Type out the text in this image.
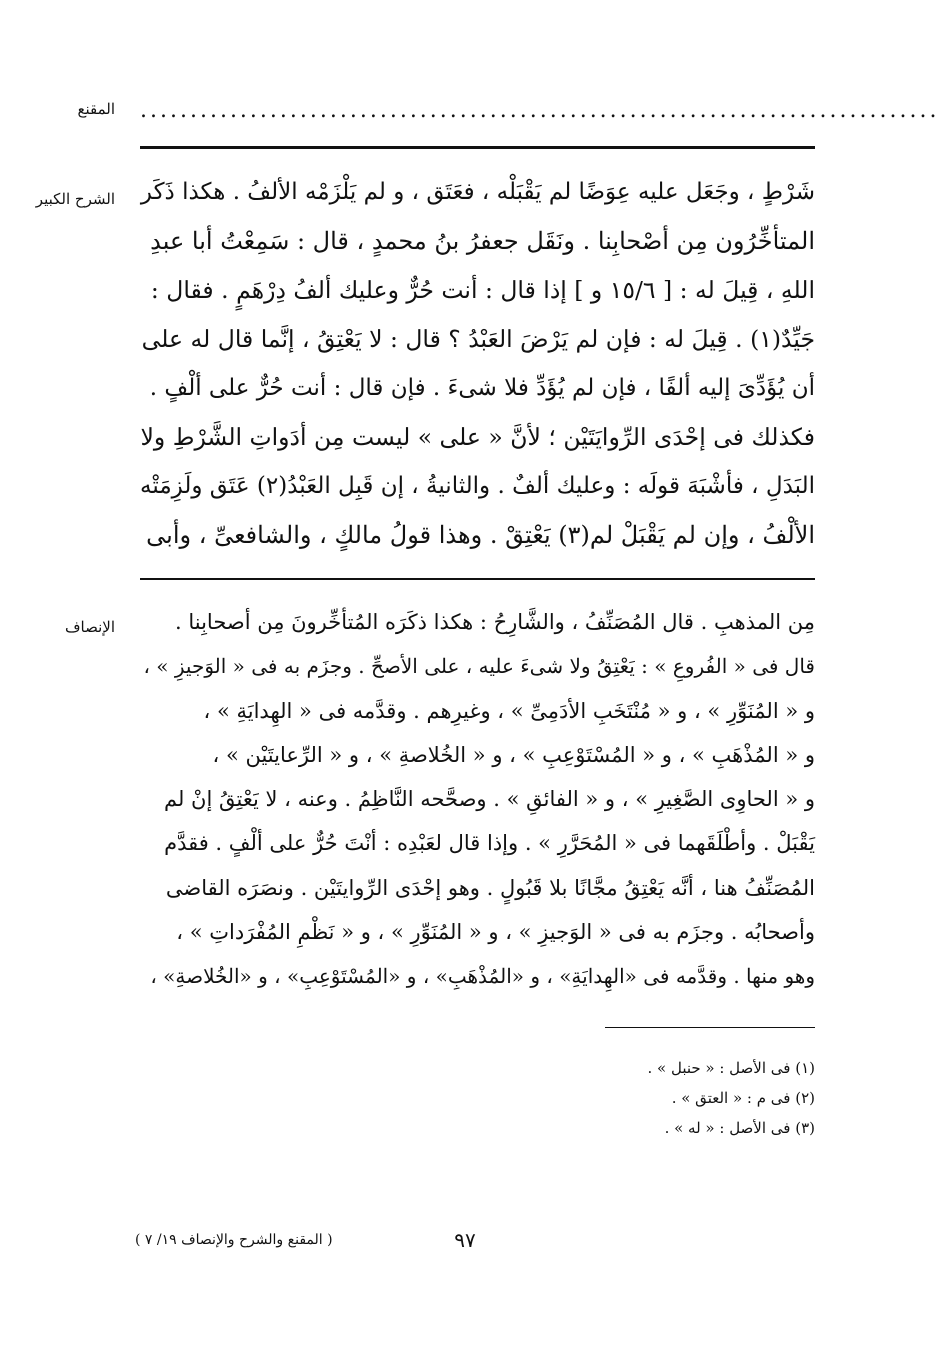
المقنع ................................................................................
الشرح الكبير شَرْطٍ ، وجَعَل عليه عِوَضًا لم يَقْبَلْه ، فعَتَق ، و لم يَلْزَمْه الألفُ . هكذا ذَكَر
المتأخِّرُون مِن أصْحابِنا . ونَقَل جعفرُ بنُ محمدٍ ، قال : سَمِعْتُ أبا عبدِ
اللهِ ، قِيلَ له : [ ١٥/٦ و ] إذا قال : أنت حُرٌّ وعليك ألفُ دِرْهَمٍ . فقال :
جَيِّدٌ(١) . قِيلَ له : فإن لم يَرْضَ العَبْدُ ؟ قال : لا يَعْتِقُ ، إنَّما قال له على
أن يُؤَدِّىَ إليه ألفًا ، فإن لم يُؤَدِّ فلا شىءَ . فإن قال : أنت حُرٌّ على ألْفٍ .
فكذلك فى إحْدَى الرِّوايَتَيْن ؛ لأنَّ « على » ليست مِن أدَواتِ الشَّرْطِ ولا
البَدَلِ ، فأشْبَهَ قولَه : وعليك ألفٌ . والثانيةُ ، إن قَبِل العَبْدُ(٢) عَتَق ولَزِمَتْه
الألْفُ ، وإن لم يَقْبَلْ لم(٣) يَعْتِقْ . وهذا قولُ مالكٍ ، والشافعىِّ ، وأبى
الإنصاف	مِن المذهبِ . قال المُصَنِّفُ ، والشَّارِحُ : هكذا ذكَرَه المُتأخِّرونَ مِن أصحابِنا .
قال فى « الفُروعِ » : يَعْتِقُ ولا شىءَ عليه ، على الأصحِّ . وجزَم به فى « الوَجيزِ » ،
و « المُنَوِّرِ » ، و « مُنْتَخَبِ الأدَمِىِّ » ، وغيرِهم . وقدَّمه فى « الهِدايَةِ » ،
و « المُذْهَبِ » ، و « المُسْتَوْعِبِ » ، و « الخُلاصةِ » ، و « الرِّعايتَيْن » ،
و « الحاوِى الصَّغِيرِ » ، و « الفائقِ » . وصحَّحه النَّاظِمُ . وعنه ، لا يَعْتِقُ إنْ لم
يَقْبَلْ . وأطْلَقَهما فى « المُحَرَّرِ » . وإذا قال لعَبْدِه : أنْتَ حُرٌّ على ألْفٍ . فقدَّم
المُصَنِّفُ هنا ، أنَّه يَعْتِقُ مجَّانًا بلا قَبُولٍ . وهو إحْدَى الرِّوايتَيْن . ونصَرَه القاضى
وأصحابُه . وجزَم به فى « الوَجيزِ » ، و « المُنَوِّرِ » ، و « نَظْمِ المُفْرَداتِ » ،
وهو منها . وقدَّمه فى «الهِدايَةِ» ، و «المُذْهَبِ» ، و «المُسْتَوْعِبِ» ، و «الخُلاصةِ» ،
(١) فى الأصل : « حنبل » .
(٢) فى م : « العتق » .
(٣) فى الأصل : « له » .
٩٧
( المقنع والشرح والإنصاف ١٩/ ٧ )
